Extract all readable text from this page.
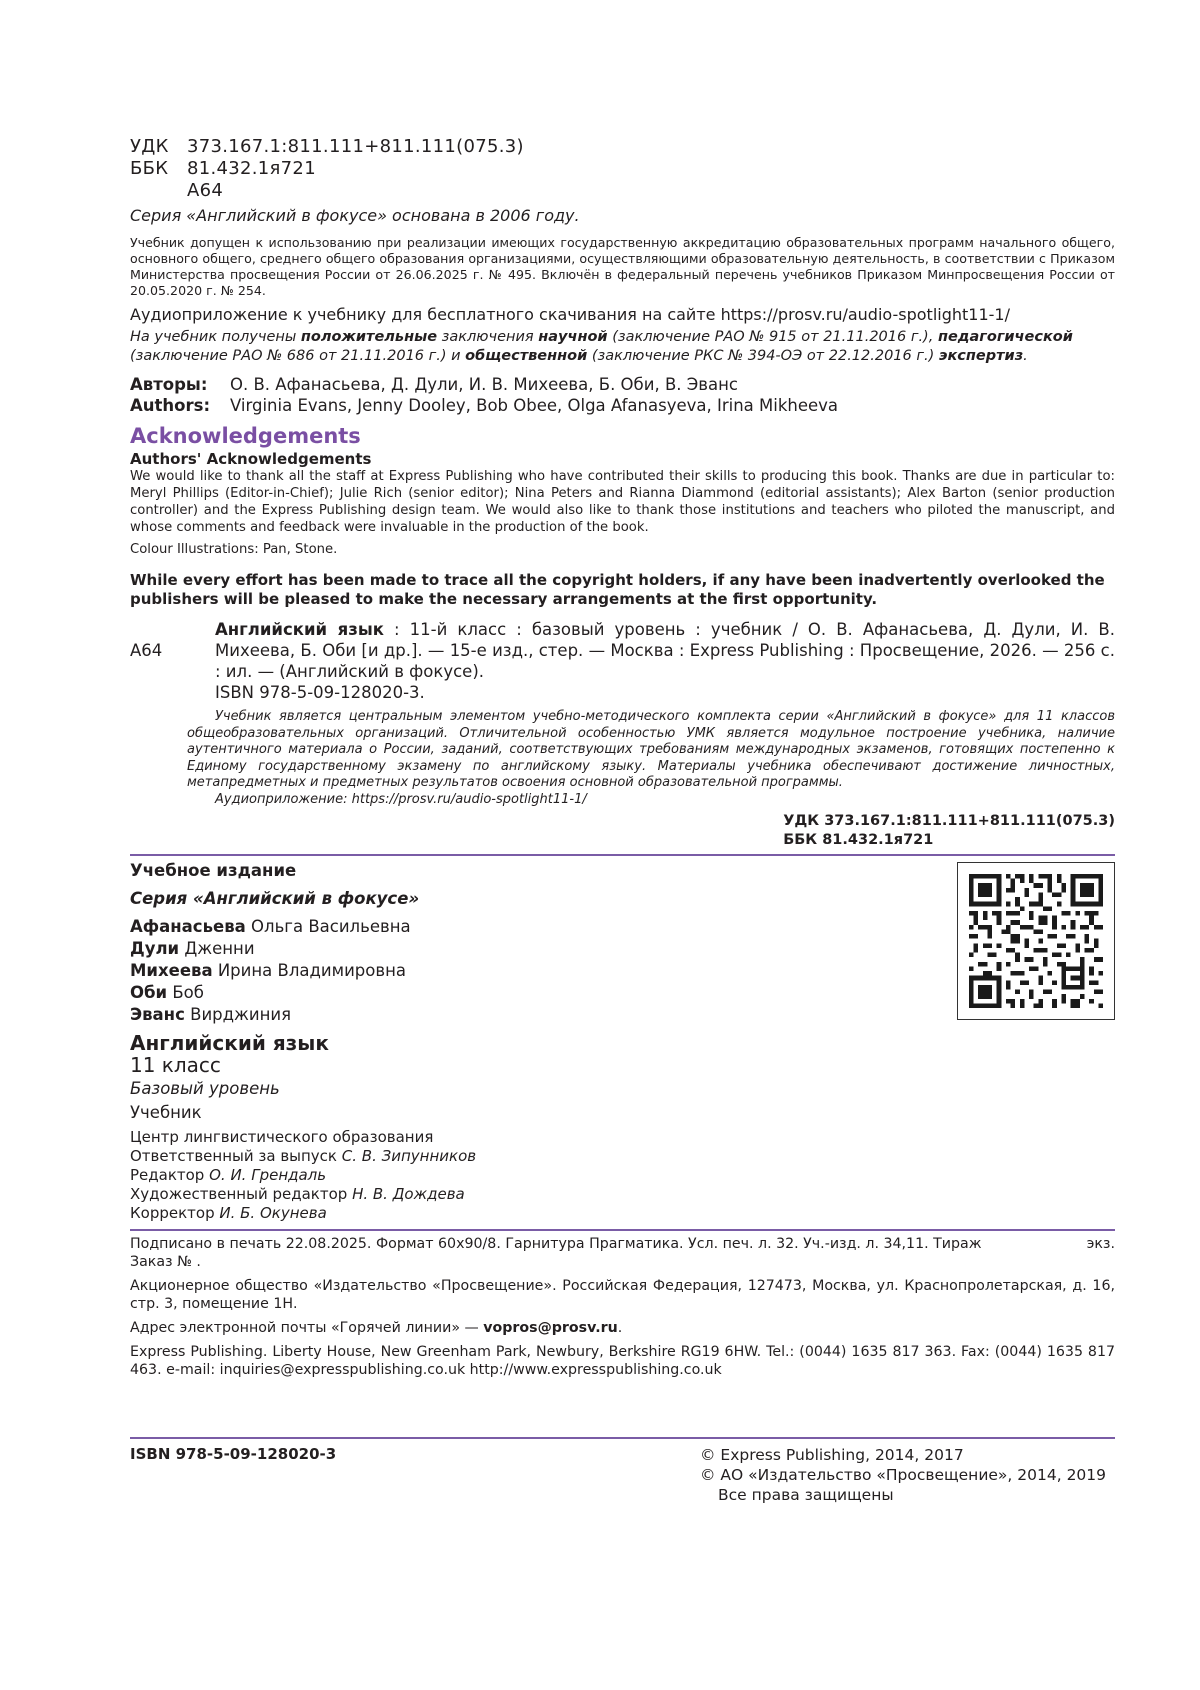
УДК	373.167.1:811.111+811.111(075.3)
ББК	81.432.1я721
А64
Серия «Английский в фокусе» основана в 2006 году.
Учебник допущен к использованию при реализации имеющих государственную аккредитацию образовательных программ начального общего, основного общего, среднего общего образования организациями, осуществляющими образовательную деятельность, в соответствии с Приказом Министерства просвещения России от 26.06.2025 г. № 495. Включён в федеральный перечень учебников Приказом Минпросвещения России от 20.05.2020 г. № 254.
Аудиоприложение к учебнику для бесплатного скачивания на сайте https://prosv.ru/audio-spotlight11-1/
На учебник получены положительные заключения научной (заключение РАО № 915 от 21.11.2016 г.), педагогической (заключение РАО № 686 от 21.11.2016 г.) и общественной (заключение РКС № 394-ОЭ от 22.12.2016 г.) экспертиз.
Авторы:	О. В. Афанасьева, Д. Дули, И. В. Михеева, Б. Оби, В. Эванс
Authors:	Virginia Evans, Jenny Dooley, Bob Obee, Olga Afanasyeva, Irina Mikheeva
Acknowledgements
Authors' Acknowledgements
We would like to thank all the staff at Express Publishing who have contributed their skills to producing this book. Thanks are due in particular to: Meryl Phillips (Editor-in-Chief); Julie Rich (senior editor); Nina Peters and Rianna Diammond (editorial assistants); Alex Barton (senior production controller) and the Express Publishing design team. We would also like to thank those institutions and teachers who piloted the manuscript, and whose comments and feedback were invaluable in the production of the book.
Colour Illustrations: Pan, Stone.
While every effort has been made to trace all the copyright holders, if any have been inadvertently overlooked the publishers will be pleased to make the necessary arrangements at the first opportunity.
А64
Английский язык : 11-й класс : базовый уровень : учебник / О. В. Афанасьева, Д. Дули, И. В. Михеева, Б. Оби [и др.]. — 15-е изд., стер. — Москва : Express Publishing : Просвещение, 2026. — 256 с. : ил. — (Английский в фокусе).
ISBN 978-5-09-128020-3.
Учебник является центральным элементом учебно-методического комплекта серии «Английский в фокусе» для 11 классов общеобразовательных организаций. Отличительной особенностью УМК является модульное построение учебника, наличие аутентичного материала о России, заданий, соответствующих требованиям международных экзаменов, готовящих постепенно к Единому государственному экзамену по английскому языку. Материалы учебника обеспечивают достижение личностных, метапредметных и предметных результатов освоения основной образовательной программы.
Аудиоприложение: https://prosv.ru/audio-spotlight11-1/
УДК 373.167.1:811.111+811.111(075.3)
ББК 81.432.1я721
Учебное издание
Серия «Английский в фокусе»
Афанасьева Ольга Васильевна
Дули Дженни
Михеева Ирина Владимировна
Оби Боб
Эванс Вирджиния
Английский язык
11 класс
Базовый уровень
Учебник
Центр лингвистического образования
Ответственный за выпуск С. В. Зипунников
Редактор О. И. Грендаль
Художественный редактор Н. В. Дождева
Корректор И. Б. Окунева

Подписано в печать 22.08.2025. Формат 60x90/8. Гарнитура Прагматика. Усл. печ. л. 32. Уч.-изд. л. 34,11. Тираж	экз.
Заказ № .

Акционерное общество «Издательство «Просвещение». Российская Федерация, 127473, Москва, ул. Краснопролетарская, д. 16, стр. 3, помещение 1Н.

Адрес электронной почты «Горячей линии» — vopros@prosv.ru.

Express Publishing. Liberty House, New Greenham Park, Newbury, Berkshire RG19 6HW. Tel.: (0044) 1635 817 363. Fax: (0044) 1635 817 463. e-mail: inquiries@expresspublishing.co.uk http://www.expresspublishing.co.uk

ISBN 978-5-09-128020-3	© Express Publishing, 2014, 2017
© АО «Издательство «Просвещение», 2014, 2019
Все права защищены
